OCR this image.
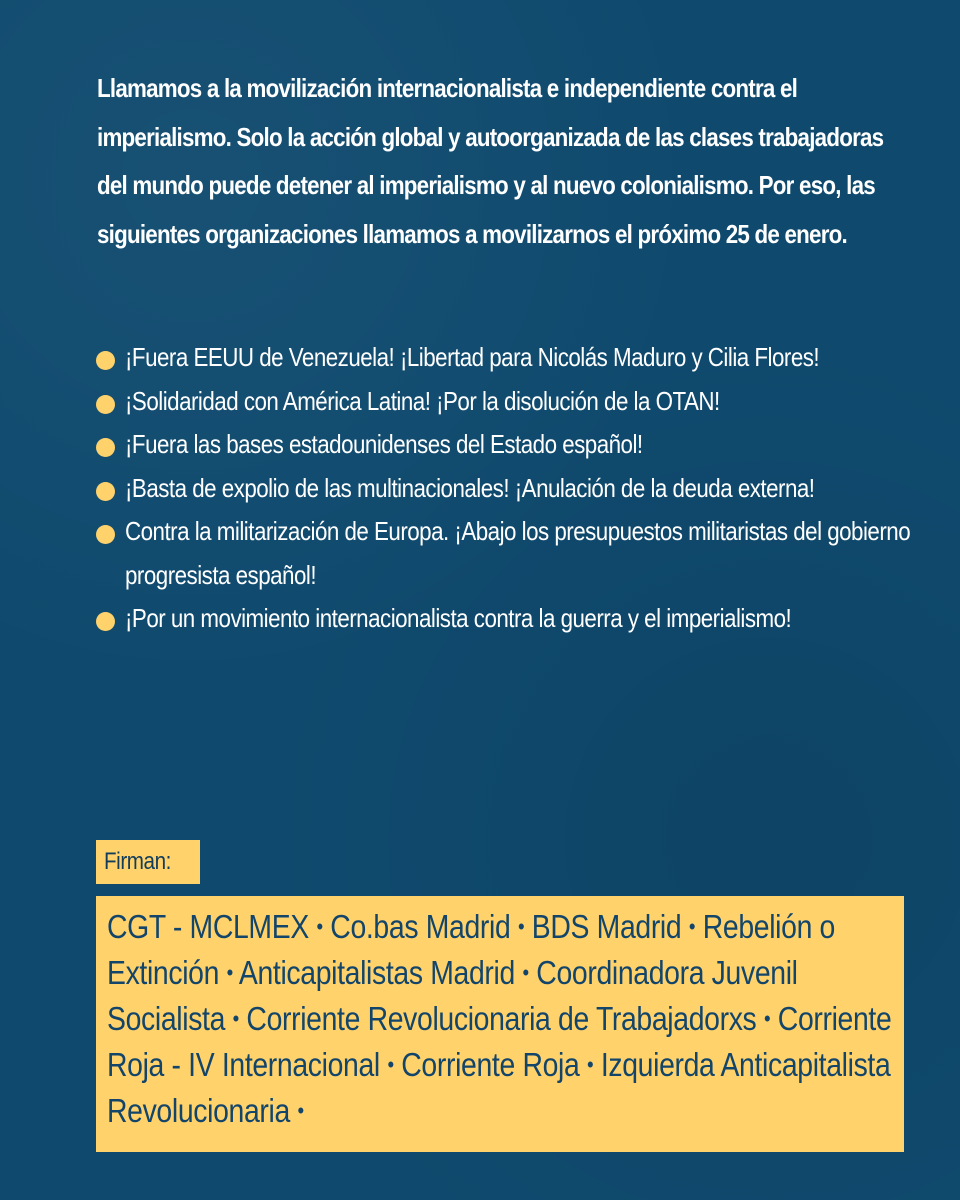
Llamamos a la movilización internacionalista e independiente contra el imperialismo. Solo la acción global y autoorganizada de las clases trabajadoras del mundo puede detener al imperialismo y al nuevo colonialismo. Por eso, las siguientes organizaciones llamamos a movilizarnos el próximo 25 de enero.

¡Fuera EEUU de Venezuela! ¡Libertad para Nicolás Maduro y Cilia Flores!
¡Solidaridad con América Latina! ¡Por la disolución de la OTAN!
¡Fuera las bases estadounidenses del Estado español!
¡Basta de expolio de las multinacionales! ¡Anulación de la deuda externa!
Contra la militarización de Europa. ¡Abajo los presupuestos militaristas del gobierno progresista español!
¡Por un movimiento internacionalista contra la guerra y el imperialismo!
Firman:
CGT - MCLMEX • Co.bas Madrid • BDS Madrid • Rebelión o Extinción • Anticapitalistas Madrid • Coordinadora Juvenil Socialista • Corriente Revolucionaria de Trabajadorxs • Corriente Roja - IV Internacional • Corriente Roja • Izquierda Anticapitalista Revolucionaria •
